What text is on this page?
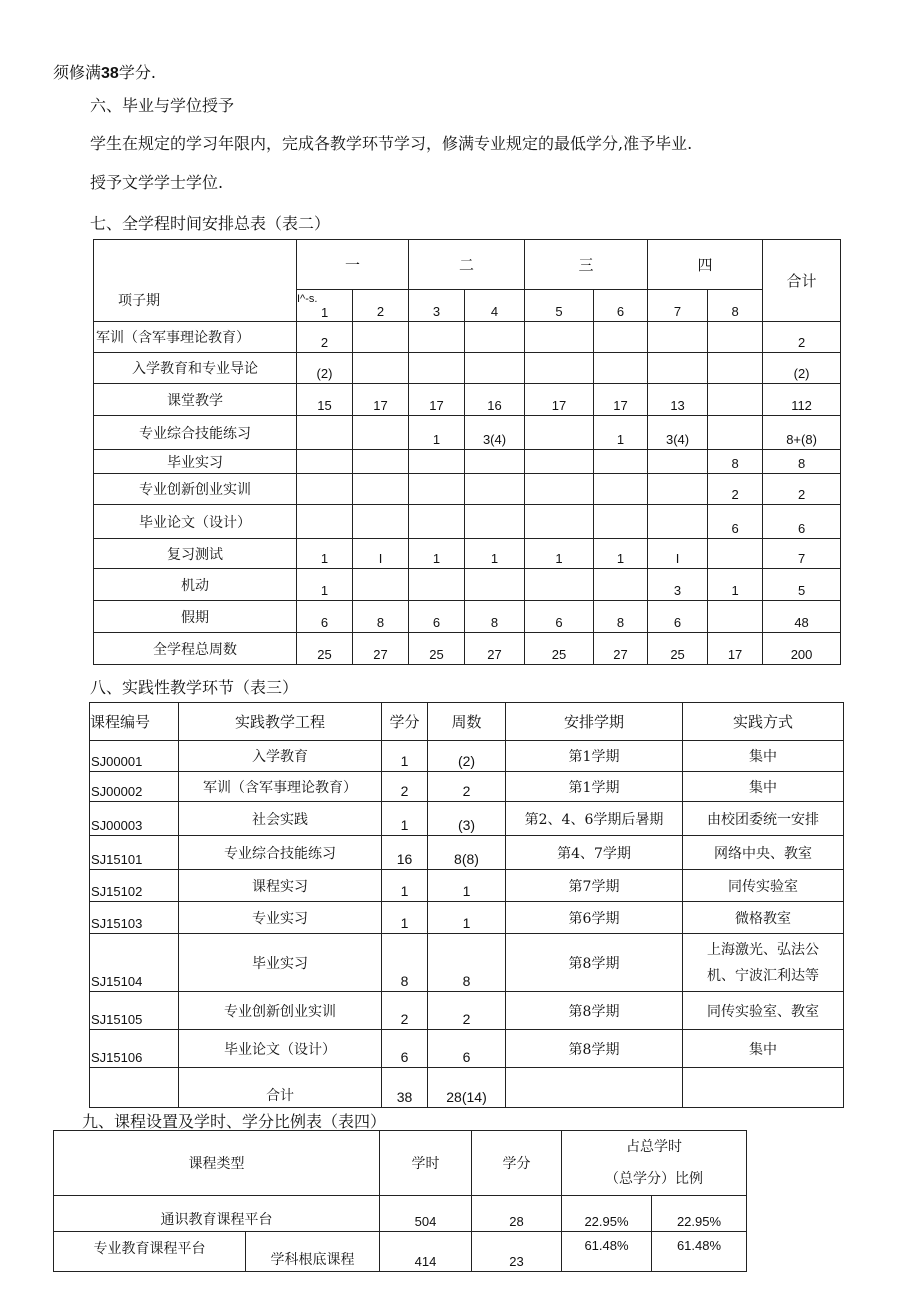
须修满38学分.
六、毕业与学位授予
学生在规定的学习年限内，完成各教学环节学习，修满专业规定的最低学分,准予毕业.
授予文学学士学位.
七、全学程时间安排总表（表二）
	一		二		三		四		合计
项子期	I^-s.
1	2	3	4	5	6	7	8	
军训（含军事理论教育）	2								2
入学教育和专业导论	(2)								(2)
课堂教学	15	17	17	16	17	17	13		112
专业综合技能练习			1	3(4)		1	3(4)		8+(8)
毕业实习								8	8
专业创新创业实训								2	2
毕业论文（设计）								6	6
复习测试	1	I	1	1	1	1	I		7
机动	1						3	1	5
假期	6	8	6	8	6	8	6		48
全学程总周数	25	27	25	27	25	27	25	17	200
八、实践性教学环节（表三）
课程编号	实践教学工程	学分	周数	安排学期	实践方式
SJ00001	入学教育	1	(2)	第1学期	集中
SJ00002	军训（含军事理论教育）	2	2	第1学期	集中
SJ00003	社会实践	1	(3)	第2、4、6学期后暑期	由校团委统一安排
SJ15101	专业综合技能练习	16	8(8)	第4、7学期	网络中央、教室
SJ15102	课程实习	1	1	第7学期	同传实验室
SJ15103	专业实习	1	1	第6学期	微格教室
SJ15104	毕业实习	8	8	第8学期	上海激光、弘法公
机、宁波汇利达等

SJ15105	专业创新创业实训	2	2	第8学期	同传实验室、教室
SJ15106	毕业论文（设计）	6	6	第8学期	集中
	合计	38	28(14)		
九、课程设置及学时、学分比例表（表四）
课程类型		学时	学分	占总学时
（总学分）比例	

通识教育课程平台		504	28	22.95%	22.95%
专业教育课程平台	学科根底课程	414	23	61.48%	61.48%
